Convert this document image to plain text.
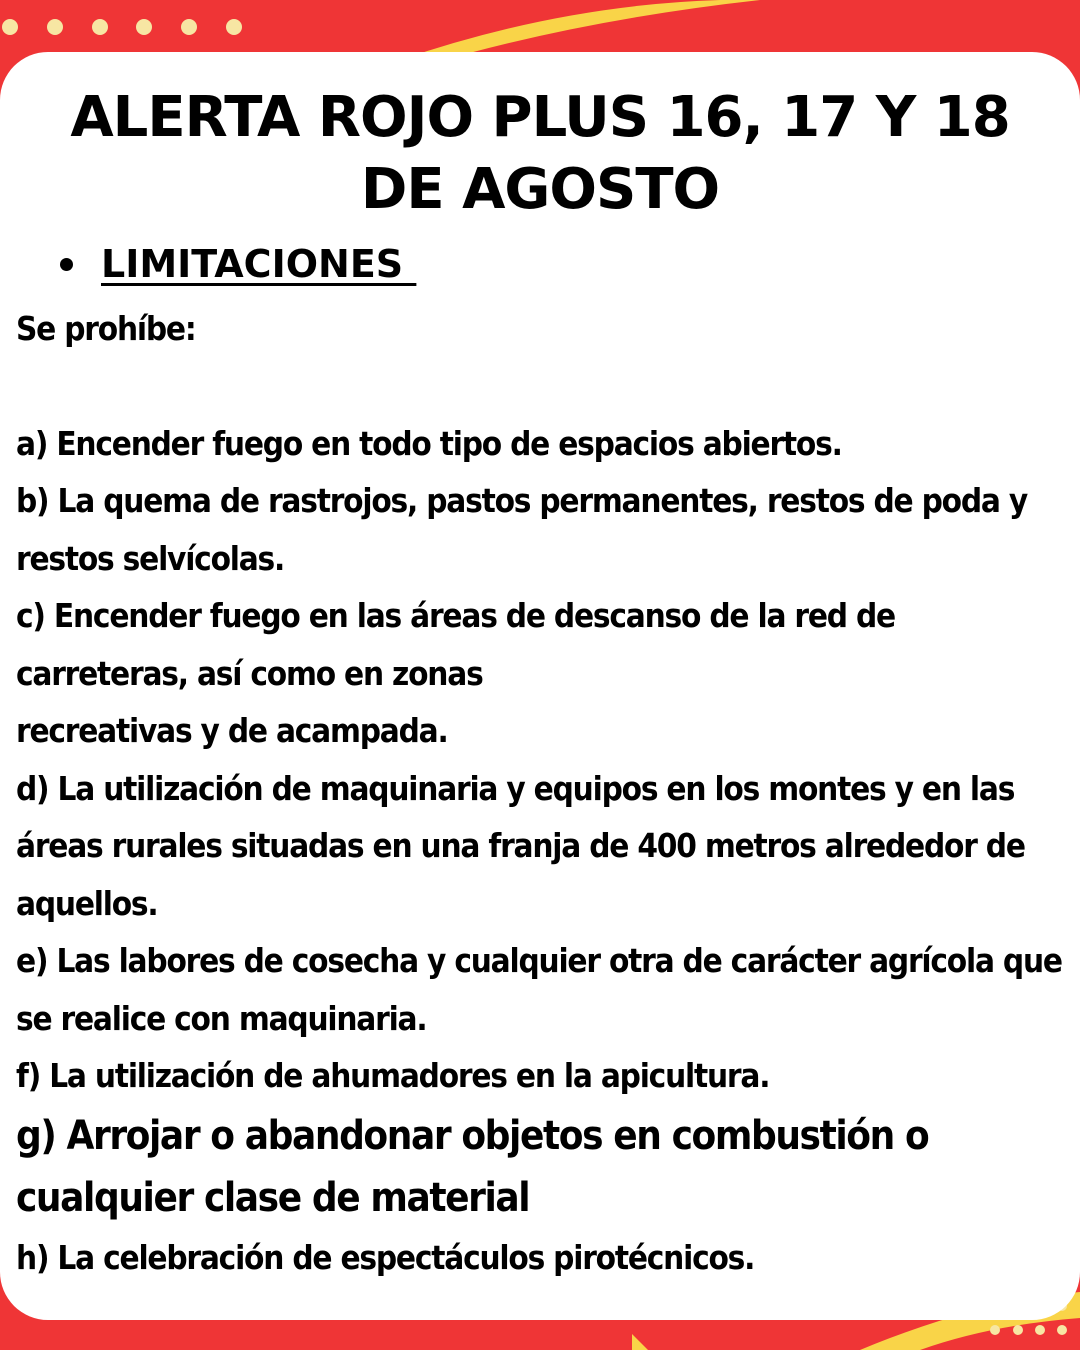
ALERTA ROJO PLUS 16, 17 Y 18 DE AGOSTO
LIMITACIONES

Se prohíbe:

a) Encender fuego en todo tipo de espacios abiertos.

b) La quema de rastrojos, pastos permanentes, restos de poda y restos selvícolas.

c) Encender fuego en las áreas de descanso de la red de carreteras, así como en zonas

recreativas y de acampada.

d) La utilización de maquinaria y equipos en los montes y en las áreas rurales situadas en una franja de 400 metros alrededor de aquellos.

e) Las labores de cosecha y cualquier otra de carácter agrícola que se realice con maquinaria.

f) La utilización de ahumadores en la apicultura.

g) Arrojar o abandonar objetos en combustión o cualquier clase de material

h) La celebración de espectáculos pirotécnicos.
